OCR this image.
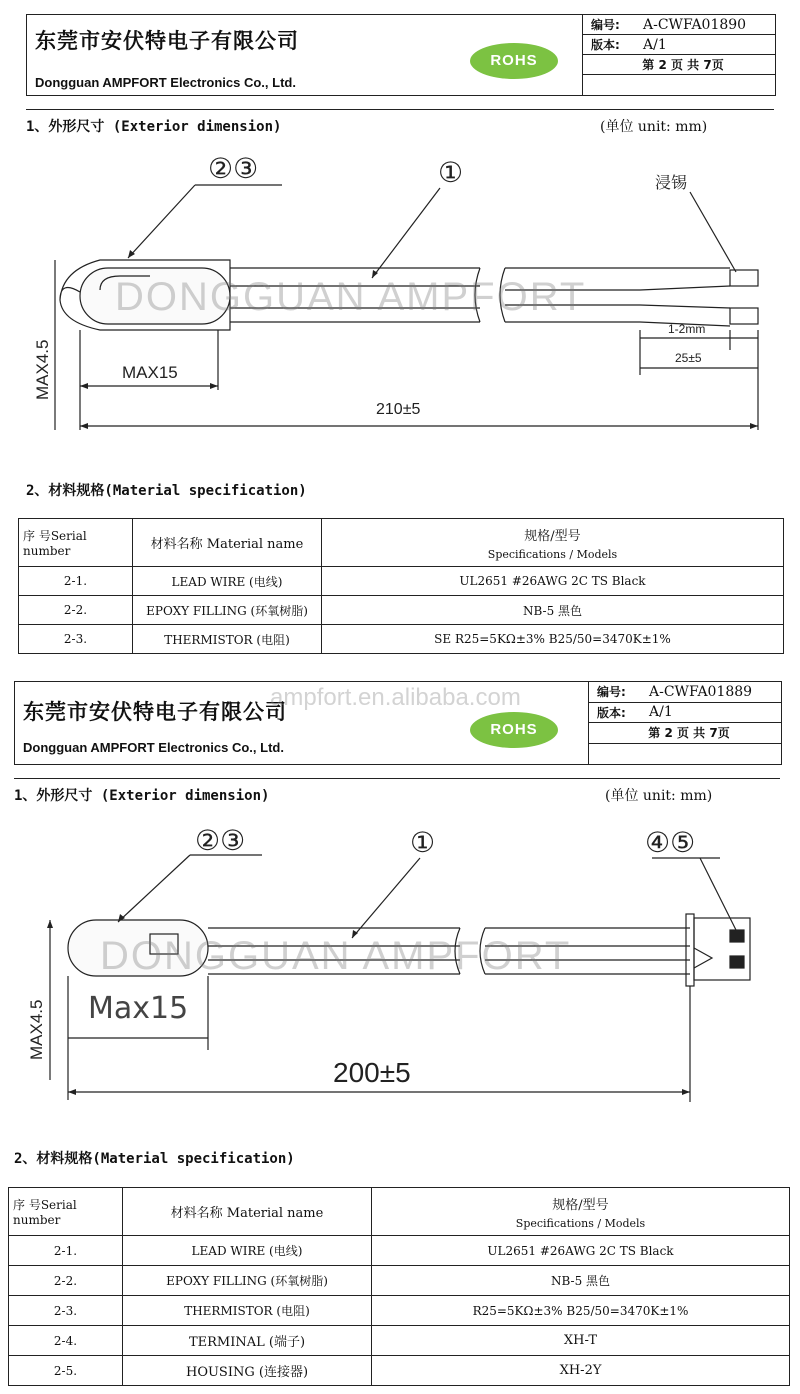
东莞市安伏特电子有限公司
Dongguan AMPFORT Electronics Co., Ltd.
ROHS
编号:	A-CWFA01890
版本:	A/1
第 2 页 共 7页
1、外形尺寸 (Exterior dimension)	(单位 unit: mm)
②③	①	浸锡
MAX15
210±5
1-2mm
25±5
MAX4.5
DONGGUAN AMPFORT
2、材料规格(Material specification)
序 号Serial number	材料名称 Material name	规格/型号
Specifications / Models

2-1.	LEAD WIRE (电线)	UL2651 #26AWG 2C TS Black
2-2.	EPOXY FILLING (环氧树脂)	NB-5 黑色
2-3.	THERMISTOR (电阻)	SE R25=5KΩ±3% B25/50=3470K±1%
东莞市安伏特电子有限公司
Dongguan AMPFORT Electronics Co., Ltd.
ROHS
编号:	A-CWFA01889
版本:	A/1
第 2 页 共 7页
ampfort.en.alibaba.com
1、外形尺寸 (Exterior dimension)	(单位 unit: mm)
②③	①	④⑤
Max15
200±5
MAX4.5
DONGGUAN AMPFORT
2、材料规格(Material specification)
序 号Serial number	材料名称 Material name	规格/型号
Specifications / Models

2-1.	LEAD WIRE (电线)	UL2651 #26AWG 2C TS Black
2-2.	EPOXY FILLING (环氧树脂)	NB-5 黑色
2-3.	THERMISTOR (电阻)	R25=5KΩ±3% B25/50=3470K±1%
2-4.	TERMINAL (端子)	XH-T
2-5.	HOUSING (连接器)	XH-2Y
